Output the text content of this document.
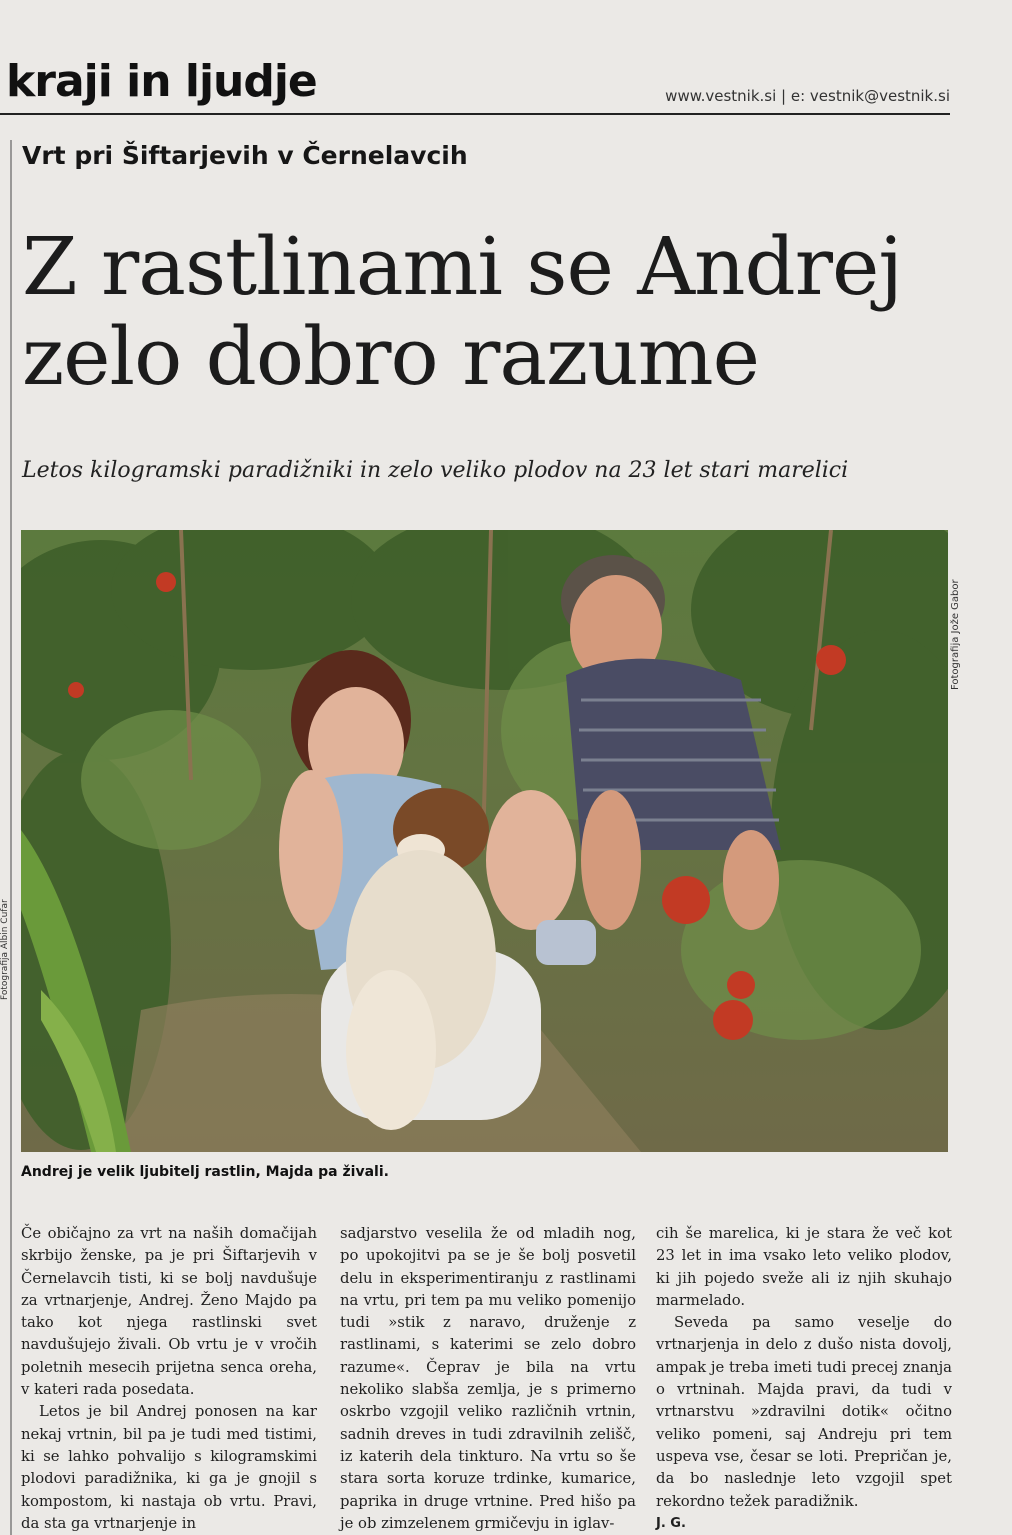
kraji in ljudje	www.vestnik.si | e: vestnik@vestnik.si
Vrt pri Šiftarjevih v Černelavcih
Z rastlinami se Andrej
zelo dobro razume
Letos kilogramski paradižniki in zelo veliko plodov na 23 let stari marelici
Fotografija Jože Gabor
Fotografija Albin Čufar
Andrej je velik ljubitelj rastlin, Majda pa živali.

Če običajno za vrt na naših domačijah skrbijo ženske, pa je pri Šiftarjevih v Černelavcih tisti, ki se bolj navdušuje za vrtnarjenje, Andrej. Ženo Majdo pa tako kot njega rastlinski svet navdušujejo živali. Ob vrtu je v vročih poletnih mesecih prijetna senca oreha, v kateri rada posedata.

Letos je bil Andrej ponosen na kar nekaj vrtnin, bil pa je tudi med tistimi, ki se lahko pohvalijo s kilogramskimi plodovi paradižnika, ki ga je gnojil s kompostom, ki nastaja ob vrtu. Pravi, da sta ga vrtnarjenje in

sadjarstvo veselila že od mladih nog, po upokojitvi pa se je še bolj posvetil delu in eksperimentiranju z rastlinami na vrtu, pri tem pa mu veliko pomenijo tudi »stik z naravo, druženje z rastlinami, s katerimi se zelo dobro razume«. Čeprav je bila na vrtu nekoliko slabša zemlja, je s primerno oskrbo vzgojil veliko različnih vrtnin, sadnih dreves in tudi zdravilnih zelišč, iz katerih dela tinkturo. Na vrtu so še stara sorta koruze trdinke, kumarice, paprika in druge vrtnine. Pred hišo pa je ob zimzelenem grmičevju in iglav-

cih še marelica, ki je stara že več kot 23 let in ima vsako leto veliko plodov, ki jih pojedo sveže ali iz njih skuhajo marmelado.

Seveda pa samo veselje do vrtnarjenja in delo z dušo nista dovolj, ampak je treba imeti tudi precej znanja o vrtninah. Majda pravi, da tudi v vrtnarstvu »zdravilni dotik« očitno veliko pomeni, saj Andreju pri tem uspeva vse, česar se loti. Prepričan je, da bo naslednje leto vzgojil spet rekordno težek paradižnik.

J. G.
